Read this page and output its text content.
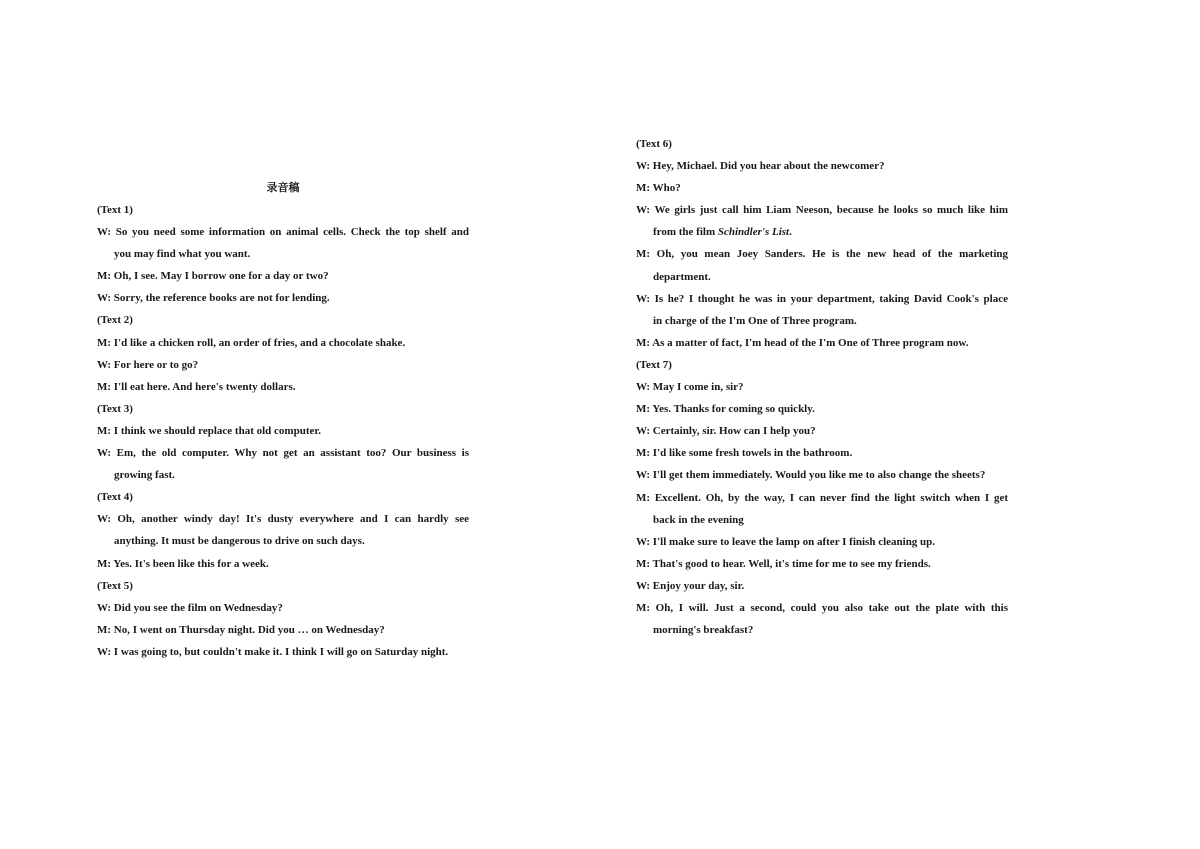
录音稿
(Text 1)
W: So you need some information on animal cells. Check the top shelf and
you may find what you want.
M: Oh, I see. May I borrow one for a day or two?
W: Sorry, the reference books are not for lending.
(Text 2)
M: I'd like a chicken roll, an order of fries, and a chocolate shake.
W: For here or to go?
M: I'll eat here. And here's twenty dollars.
(Text 3)
M: I think we should replace that old computer.
W: Em, the old computer. Why not get an assistant too? Our business is
growing fast.
(Text 4)
W: Oh, another windy day! It's dusty everywhere and I can hardly see
anything. It must be dangerous to drive on such days.
M: Yes. It's been like this for a week.
(Text 5)
W: Did you see the film on Wednesday?
M: No, I went on Thursday night. Did you … on Wednesday?
W: I was going to, but couldn't make it. I think I will go on Saturday night.
(Text 6)
W: Hey, Michael. Did you hear about the newcomer?
M: Who?
W: We girls just call him Liam Neeson, because he looks so much like him
from the film Schindler's List.
M: Oh, you mean Joey Sanders. He is the new head of the marketing
department.
W: Is he? I thought he was in your department, taking David Cook's place
in charge of the I'm One of Three program.
M: As a matter of fact, I'm head of the I'm One of Three program now.
(Text 7)
W: May I come in, sir?
M: Yes. Thanks for coming so quickly.
W: Certainly, sir. How can I help you?
M: I'd like some fresh towels in the bathroom.
W: I'll get them immediately. Would you like me to also change the sheets?
M: Excellent. Oh, by the way, I can never find the light switch when I get
back in the evening
W: I'll make sure to leave the lamp on after I finish cleaning up.
M: That's good to hear. Well, it's time for me to see my friends.
W: Enjoy your day, sir.
M: Oh, I will. Just a second, could you also take out the plate with this
morning's breakfast?
